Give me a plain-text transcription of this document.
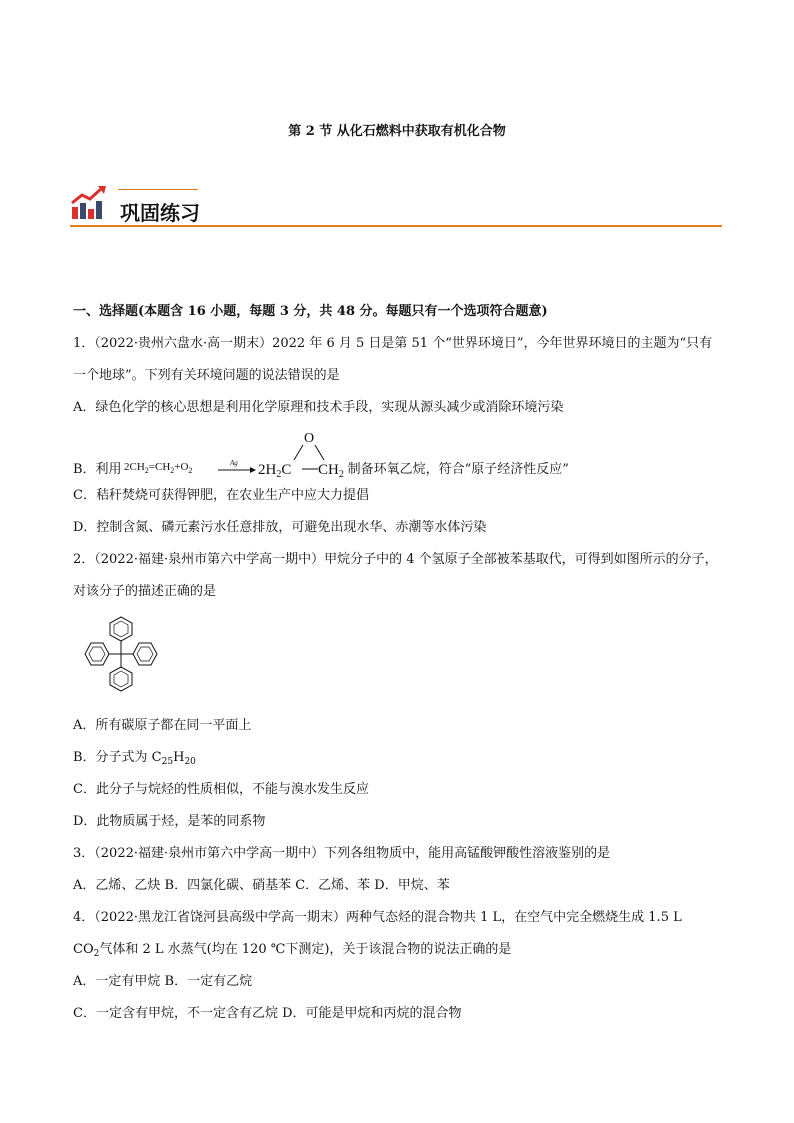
第 2 节 从化石燃料中获取有机化合物
巩固练习

一、选择题(本题含 16 小题，每题 3 分，共 48 分。每题只有一个选项符合题意)

1．（2022·贵州六盘水·高一期末）2022 年 6 月 5 日是第 51 个“世界环境日”，今年世界环境日的主题为“只有

一个地球”。下列有关环境问题的说法错误的是

A．绿色化学的核心思想是利用化学原理和技术手段，实现从源头减少或消除环境污染

B．利用 $2CH_2=CH_2+O_2$
Ag $2H_2C$ $CH_2$
O
制备环氧乙烷，符合“原子经济性反应”

C．秸秆焚烧可获得钾肥，在农业生产中应大力提倡

D．控制含氮、磷元素污水任意排放，可避免出现水华、赤潮等水体污染

2．（2022·福建·泉州市第六中学高一期中）甲烷分子中的 4 个氢原子全部被苯基取代，可得到如图所示的分子，

对该分子的描述正确的是

A．所有碳原子都在同一平面上

B．分子式为 $C_{25}H_{20}$

C．此分子与烷烃的性质相似，不能与溴水发生反应

D．此物质属于烃，是苯的同系物

3．（2022·福建·泉州市第六中学高一期中）下列各组物质中，能用高锰酸钾酸性溶液鉴别的是

A．乙烯、乙炔 B．四氯化碳、硝基苯 C．乙烯、苯 D．甲烷、苯

4．（2022·黑龙江省饶河县高级中学高一期末）两种气态烃的混合物共 1 L，在空气中完全燃烧生成 1.5 L

$CO_2$气体和 2 L 水蒸气(均在 120 ℃下测定)，关于该混合物的说法正确的是

A．一定有甲烷 B．一定有乙烷

C．一定含有甲烷，不一定含有乙烷 D．可能是甲烷和丙烷的混合物
